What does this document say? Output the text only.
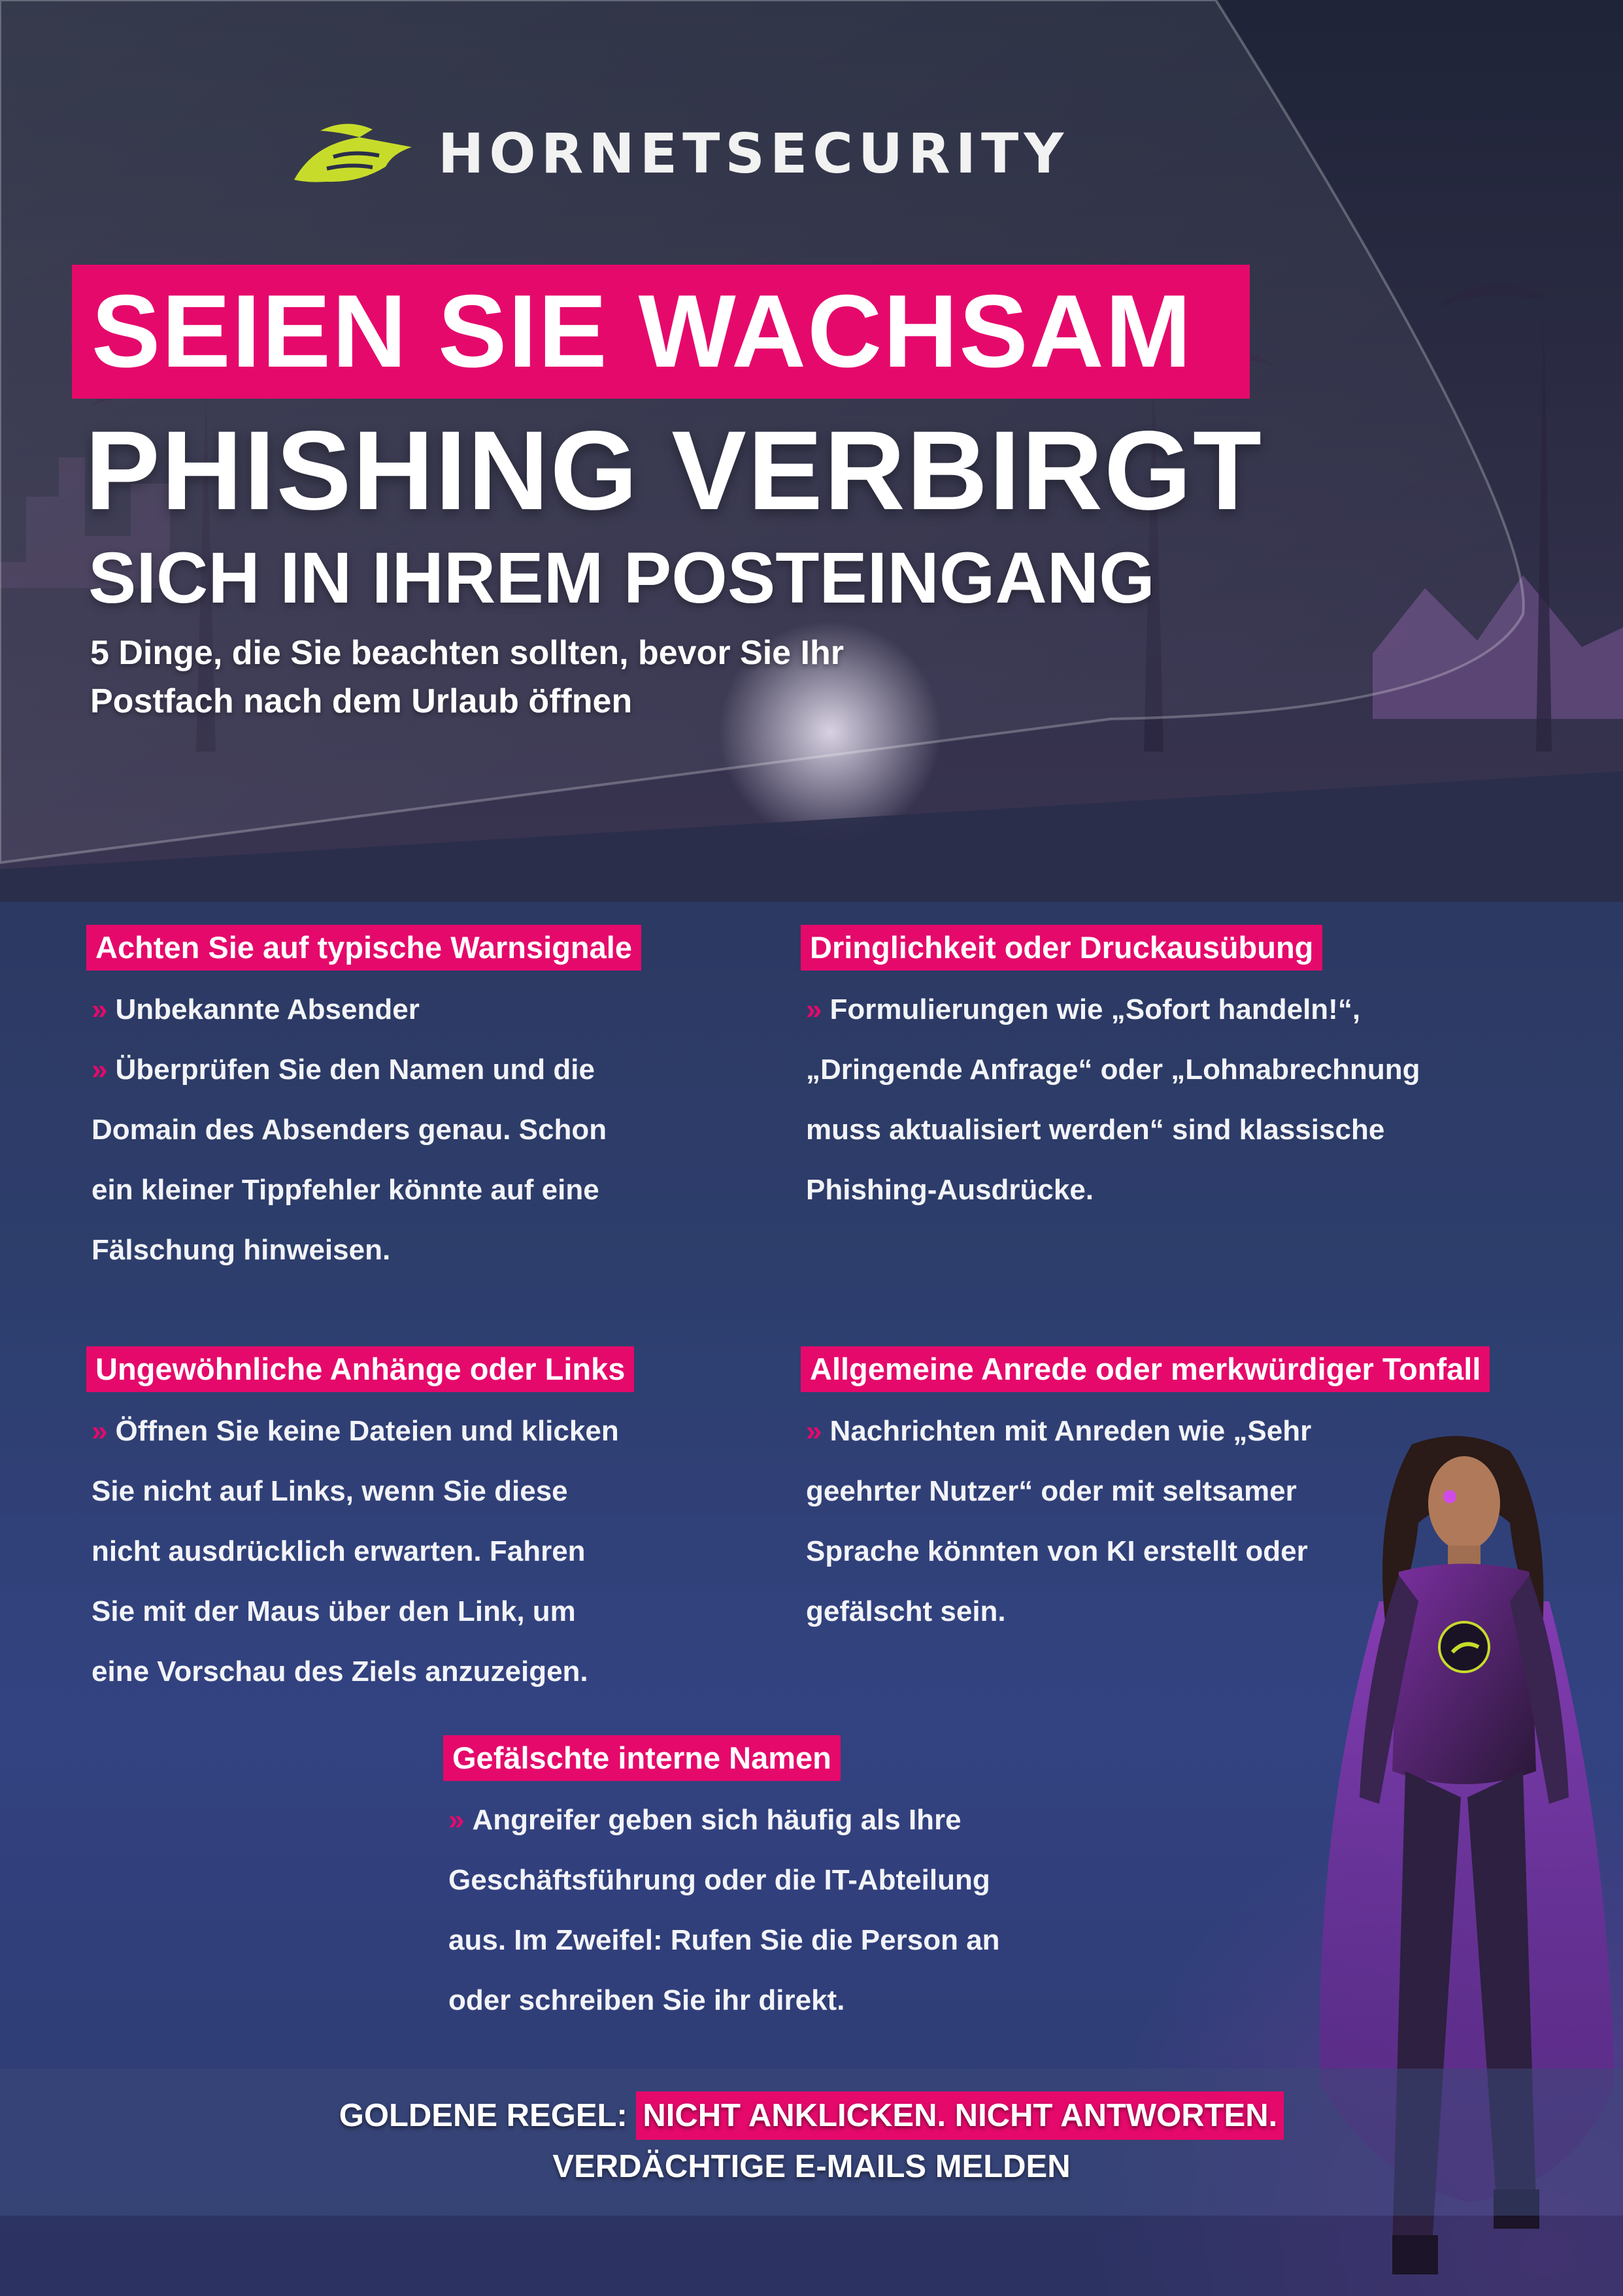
HORNETSECURITY
SEIEN SIE WACHSAM
PHISHING VERBIRGT
SICH IN IHREM POSTEINGANG
5 Dinge, die Sie beachten sollten, bevor Sie Ihr
Postfach nach dem Urlaub öffnen
Achten Sie auf typische Warnsignale
» Unbekannte Absender
» Überprüfen Sie den Namen und die
Domain des Absenders genau. Schon
ein kleiner Tippfehler könnte auf eine
Fälschung hinweisen.
Dringlichkeit oder Druckausübung
» Formulierungen wie „Sofort handeln!“,
„Dringende Anfrage“ oder „Lohnabrechnung
muss aktualisiert werden“ sind klassische
Phishing-Ausdrücke.
Ungewöhnliche Anhänge oder Links
» Öffnen Sie keine Dateien und klicken
Sie nicht auf Links, wenn Sie diese
nicht ausdrücklich erwarten. Fahren
Sie mit der Maus über den Link, um
eine Vorschau des Ziels anzuzeigen.
Allgemeine Anrede oder merkwürdiger Tonfall
» Nachrichten mit Anreden wie „Sehr
geehrter Nutzer“ oder mit seltsamer
Sprache könnten von KI erstellt oder
gefälscht sein.
Gefälschte interne Namen
» Angreifer geben sich häufig als Ihre
Geschäftsführung oder die IT-Abteilung
aus. Im Zweifel: Rufen Sie die Person an
oder schreiben Sie ihr direkt.
GOLDENE REGEL: NICHT ANKLICKEN. NICHT ANTWORTEN.
VERDÄCHTIGE E-MAILS MELDEN
